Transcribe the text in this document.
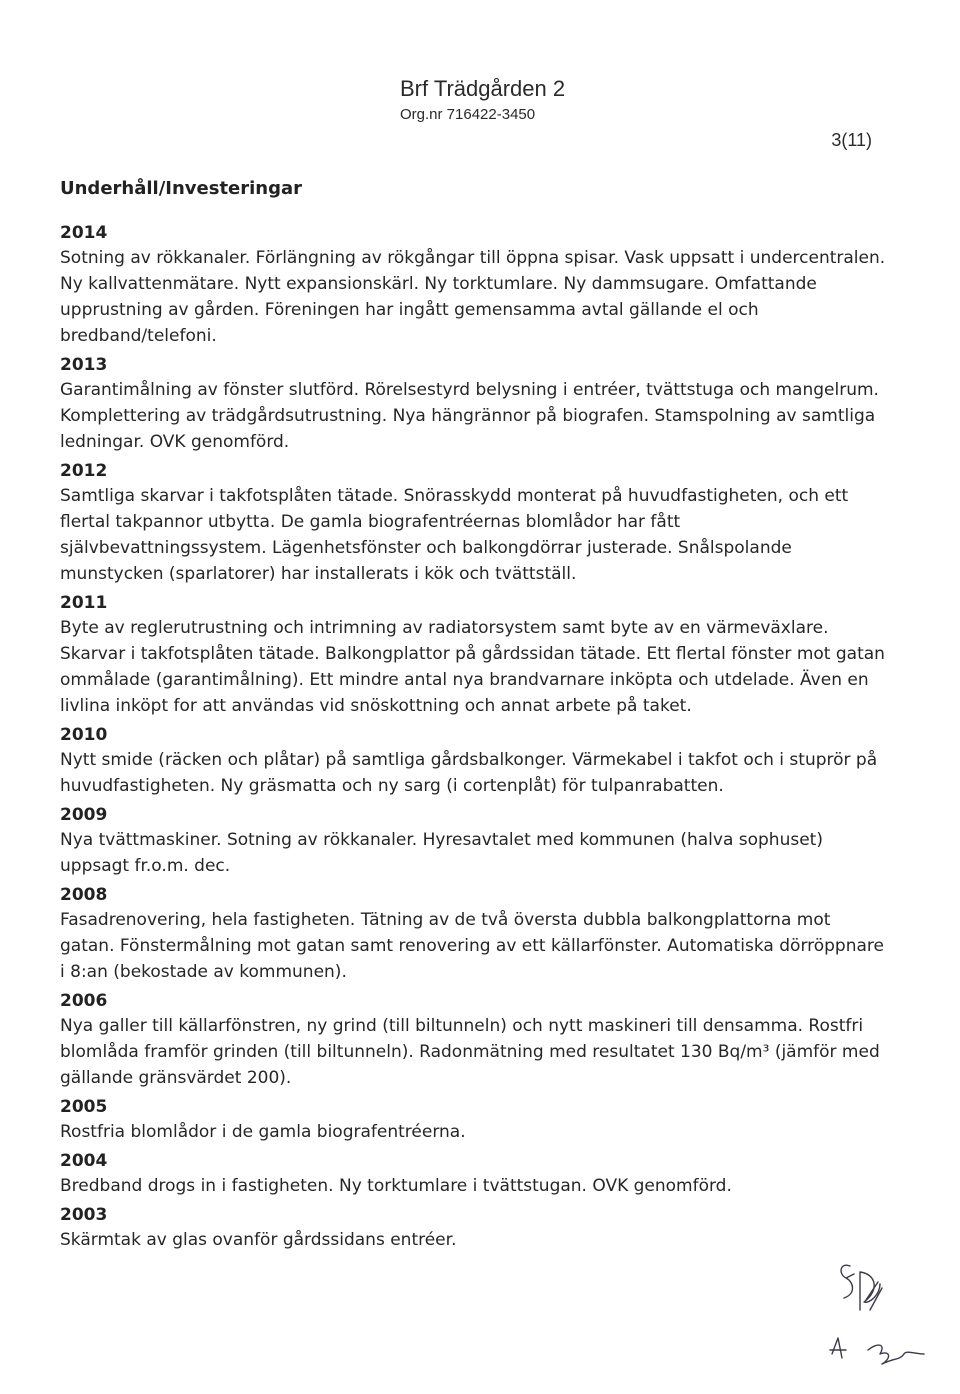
Brf Trädgården 2
Org.nr 716422-3450
3(11)
Underhåll/Investeringar
2014
Sotning av rökkanaler. Förlängning av rökgångar till öppna spisar. Vask uppsatt i undercentralen. Ny kallvattenmätare. Nytt expansionskärl. Ny torktumlare. Ny dammsugare. Omfattande upprustning av gården. Föreningen har ingått gemensamma avtal gällande el och bredband/telefoni.
2013
Garantimålning av fönster slutförd. Rörelsestyrd belysning i entréer, tvättstuga och mangelrum. Komplettering av trädgårdsutrustning. Nya hängrännor på biografen. Stamspolning av samtliga ledningar. OVK genomförd.
2012
Samtliga skarvar i takfotsplåten tätade. Snörasskydd monterat på huvudfastigheten, och ett flertal takpannor utbytta. De gamla biografentréernas blomlådor har fått självbevattningssystem. Lägenhetsfönster och balkongdörrar justerade. Snålspolande munstycken (sparlatorer) har installerats i kök och tvättställ.
2011
Byte av reglerutrustning och intrimning av radiatorsystem samt byte av en värmeväxlare. Skarvar i takfotsplåten tätade. Balkongplattor på gårdssidan tätade. Ett flertal fönster mot gatan ommålade (garantimålning). Ett mindre antal nya brandvarnare inköpta och utdelade. Även en livlina inköpt for att användas vid snöskottning och annat arbete på taket.
2010
Nytt smide (räcken och plåtar) på samtliga gårdsbalkonger. Värmekabel i takfot och i stuprör på huvudfastigheten. Ny gräsmatta och ny sarg (i cortenplåt) för tulpanrabatten.
2009
Nya tvättmaskiner. Sotning av rökkanaler. Hyresavtalet med kommunen (halva sophuset) uppsagt fr.o.m. dec.
2008
Fasadrenovering, hela fastigheten. Tätning av de två översta dubbla balkongplattorna mot gatan. Fönstermålning mot gatan samt renovering av ett källarfönster. Automatiska dörröppnare i 8:an (bekostade av kommunen).
2006
Nya galler till källarfönstren, ny grind (till biltunneln) och nytt maskineri till densamma. Rostfri blomlåda framför grinden (till biltunneln). Radonmätning med resultatet 130 Bq/m³ (jämför med gällande gränsvärdet 200).
2005
Rostfria blomlådor i de gamla biografentréerna.
2004
Bredband drogs in i fastigheten. Ny torktumlare i tvättstugan. OVK genomförd.
2003
Skärmtak av glas ovanför gårdssidans entréer.
